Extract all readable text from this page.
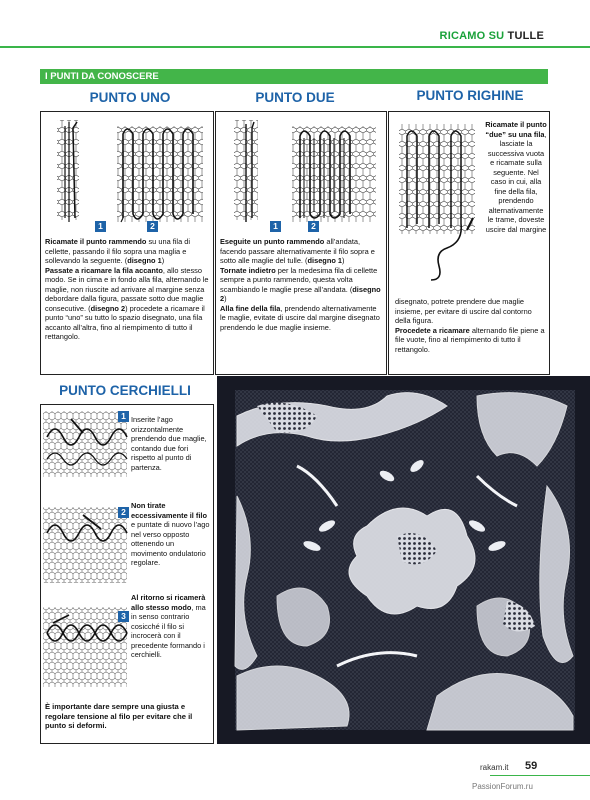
RICAMO SU TULLE
I PUNTI DA CONOSCERE
PUNTO UNO
1	2
Ricamate il punto rammendo su una fila di cellette, passando il filo sopra una maglia e sollevando la seguente. (disegno 1)
Passate a ricamare la fila accanto, allo stesso modo. Se in cima e in fondo alla fila, alternando le maglie, non riuscite ad arrivare al margine senza debordare dalla figura, passate sotto due maglie consecutive. (disegno 2) procedete a ricamare il punto “uno” su tutto lo spazio disegnato, una fila accanto all’altra, fino al riempimento di tutto il rettangolo.
PUNTO DUE
1	2
Eseguite un punto rammendo all’andata, facendo passare alternativamente il filo sopra e sotto alle maglie del tulle. (disegno 1)
Tornate indietro per la medesima fila di cellette sempre a punto rammendo, questa volta scambiando le maglie prese all’andata. (disegno 2)
Alla fine della fila, prendendo alternativamente le maglie, evitate di uscire dal margine disegnato prendendo le due maglie insieme.
PUNTO RIGHINE
Ricamate il punto “due” su una fila, lasciate la successiva vuota e ricamate sulla seguente. Nel caso in cui, alla fine della fila, prendendo alternativamente le trame, doveste uscire dal margine
disegnato, potrete prendere due maglie insieme, per evitare di uscire dal contorno della figura.
Procedete a ricamare alternando file piene a file vuote, fino al riempimento di tutto il rettangolo.
PUNTO CERCHIELLI
1 Inserite l’ago orizzontalmente prendendo due maglie, contando due fori rispetto al punto di partenza.
2
Non tirate eccessivamente il filo e puntate di nuovo l’ago nel verso opposto ottenendo un movimento ondulatorio regolare.
3
Al ritorno si ricamerà allo stesso modo, ma in senso contrario cosicché il filo si incrocerà con il precedente formando i cerchielli.
È importante dare sempre una giusta e regolare tensione al filo per evitare che il punto si deformi.
rakam.it 59
PassionForum.ru
